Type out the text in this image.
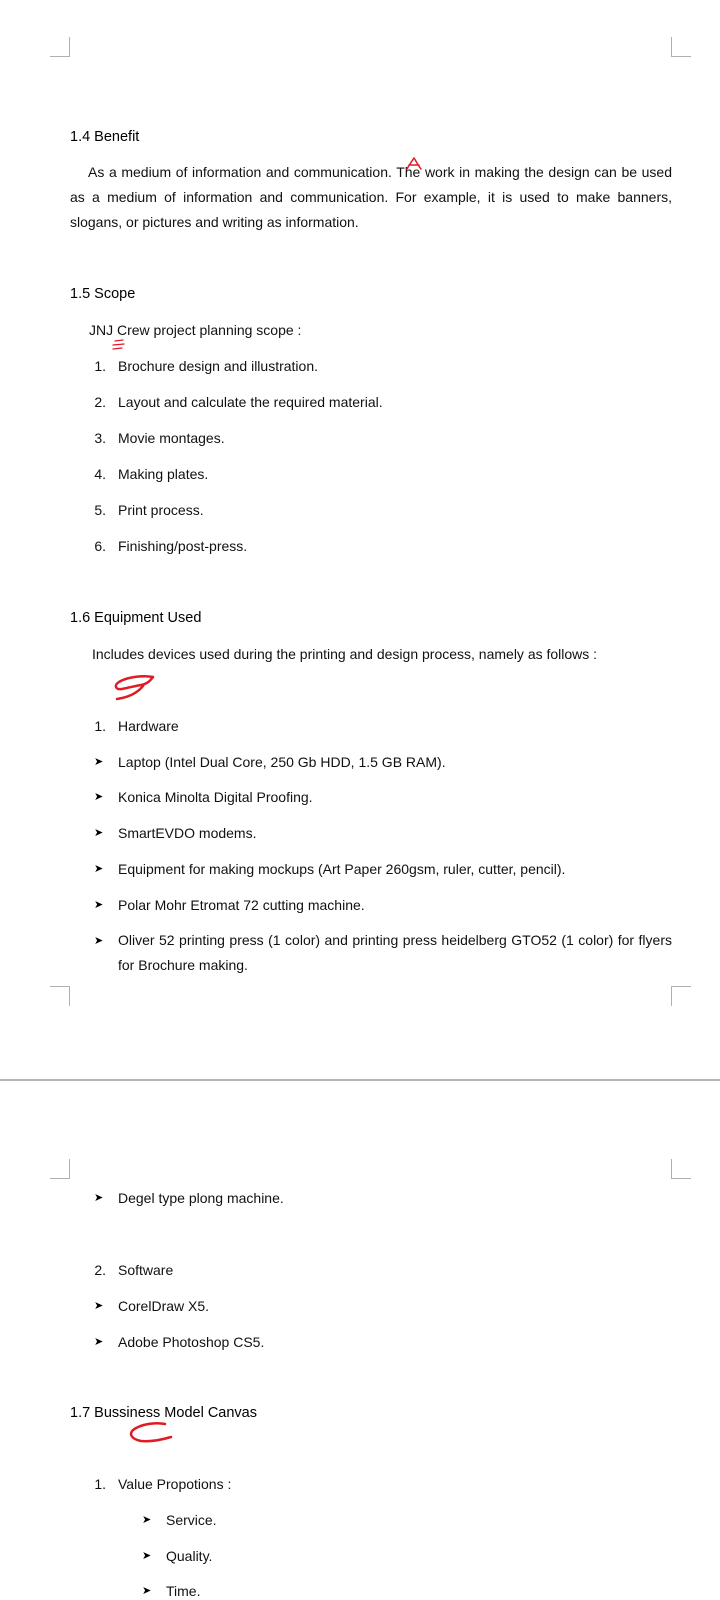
1.4 Benefit
As a medium of information and communication. The work in making the design can be used as a medium of information and communication. For example, it is used to make banners, slogans, or pictures and writing as information.
1.5 Scope
JNJ Crew project planning scope :
1. Brochure design and illustration.
2. Layout and calculate the required material.
3. Movie montages.
4. Making plates.
5. Print process.
6. Finishing/post-press.
1.6 Equipment Used
Includes devices used during the printing and design process, namely as follows :
1. Hardware
➤ Laptop (Intel Dual Core, 250 Gb HDD, 1.5 GB RAM).
➤ Konica Minolta Digital Proofing.
➤ SmartEVDO modems.
➤ Equipment for making mockups (Art Paper 260gsm, ruler, cutter, pencil).
➤ Polar Mohr Etromat 72 cutting machine.
➤ Oliver 52 printing press (1 color) and printing press heidelberg GTO52 (1 color) for flyers for Brochure making.
➤ Degel type plong machine.
2. Software
➤ CorelDraw X5.
➤ Adobe Photoshop CS5.
1.7 Bussiness Model Canvas
1. Value Propotions :
➤ Service.
➤ Quality.
➤ Time.
